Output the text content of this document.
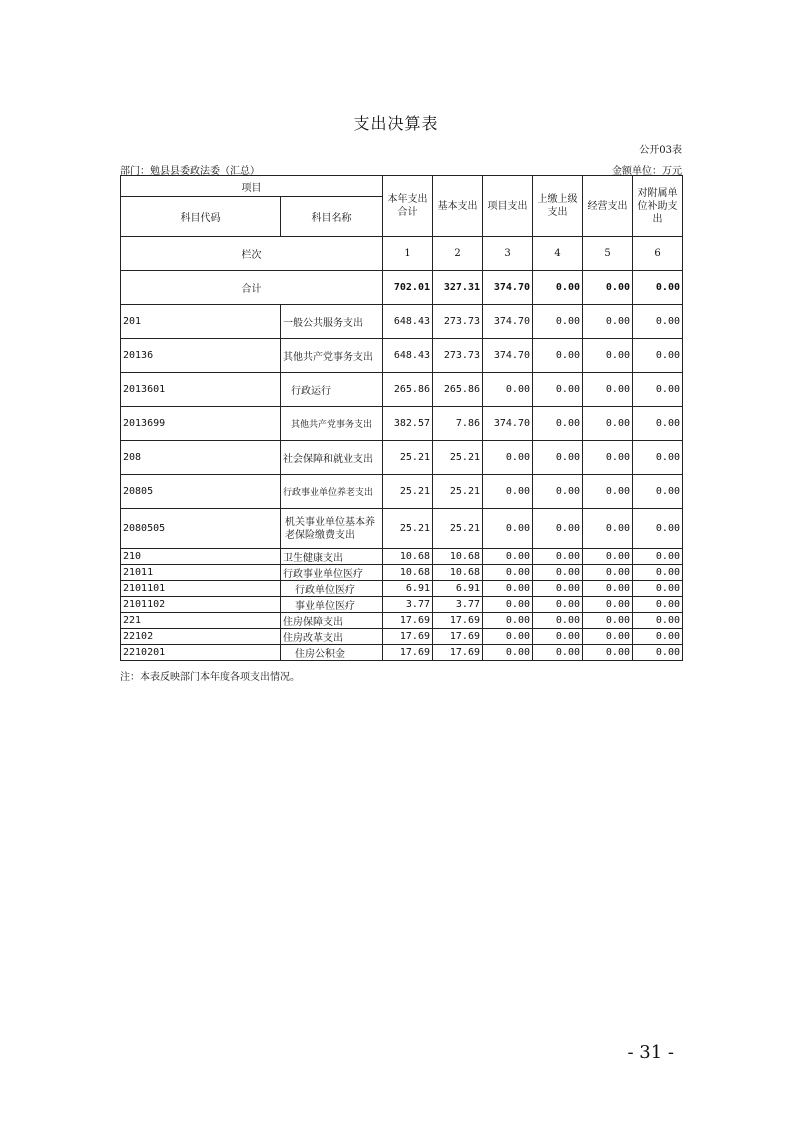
支出决算表
公开03表
部门：勉县县委政法委（汇总）	金额单位：万元
项目		本年支出合计	基本支出	项目支出	上缴上级支出	经营支出	对附属单位补助支出
科目代码	科目名称						
栏次		1	2	3	4	5	6
合计		702.01	327.31	374.70	0.00	0.00	0.00
201	一般公共服务支出	648.43	273.73	374.70	0.00	0.00	0.00
20136	其他共产党事务支出	648.43	273.73	374.70	0.00	0.00	0.00
2013601	行政运行	265.86	265.86	0.00	0.00	0.00	0.00
2013699	其他共产党事务支出	382.57	7.86	374.70	0.00	0.00	0.00
208	社会保障和就业支出	25.21	25.21	0.00	0.00	0.00	0.00
20805	行政事业单位养老支出	25.21	25.21	0.00	0.00	0.00	0.00
2080505	机关事业单位基本养老保险缴费支出	25.21	25.21	0.00	0.00	0.00	0.00
210	卫生健康支出	10.68	10.68	0.00	0.00	0.00	0.00
21011	行政事业单位医疗	10.68	10.68	0.00	0.00	0.00	0.00
2101101	行政单位医疗	6.91	6.91	0.00	0.00	0.00	0.00
2101102	事业单位医疗	3.77	3.77	0.00	0.00	0.00	0.00
221	住房保障支出	17.69	17.69	0.00	0.00	0.00	0.00
22102	住房改革支出	17.69	17.69	0.00	0.00	0.00	0.00
2210201	住房公积金	17.69	17.69	0.00	0.00	0.00	0.00
注：本表反映部门本年度各项支出情况。
- 31 -
